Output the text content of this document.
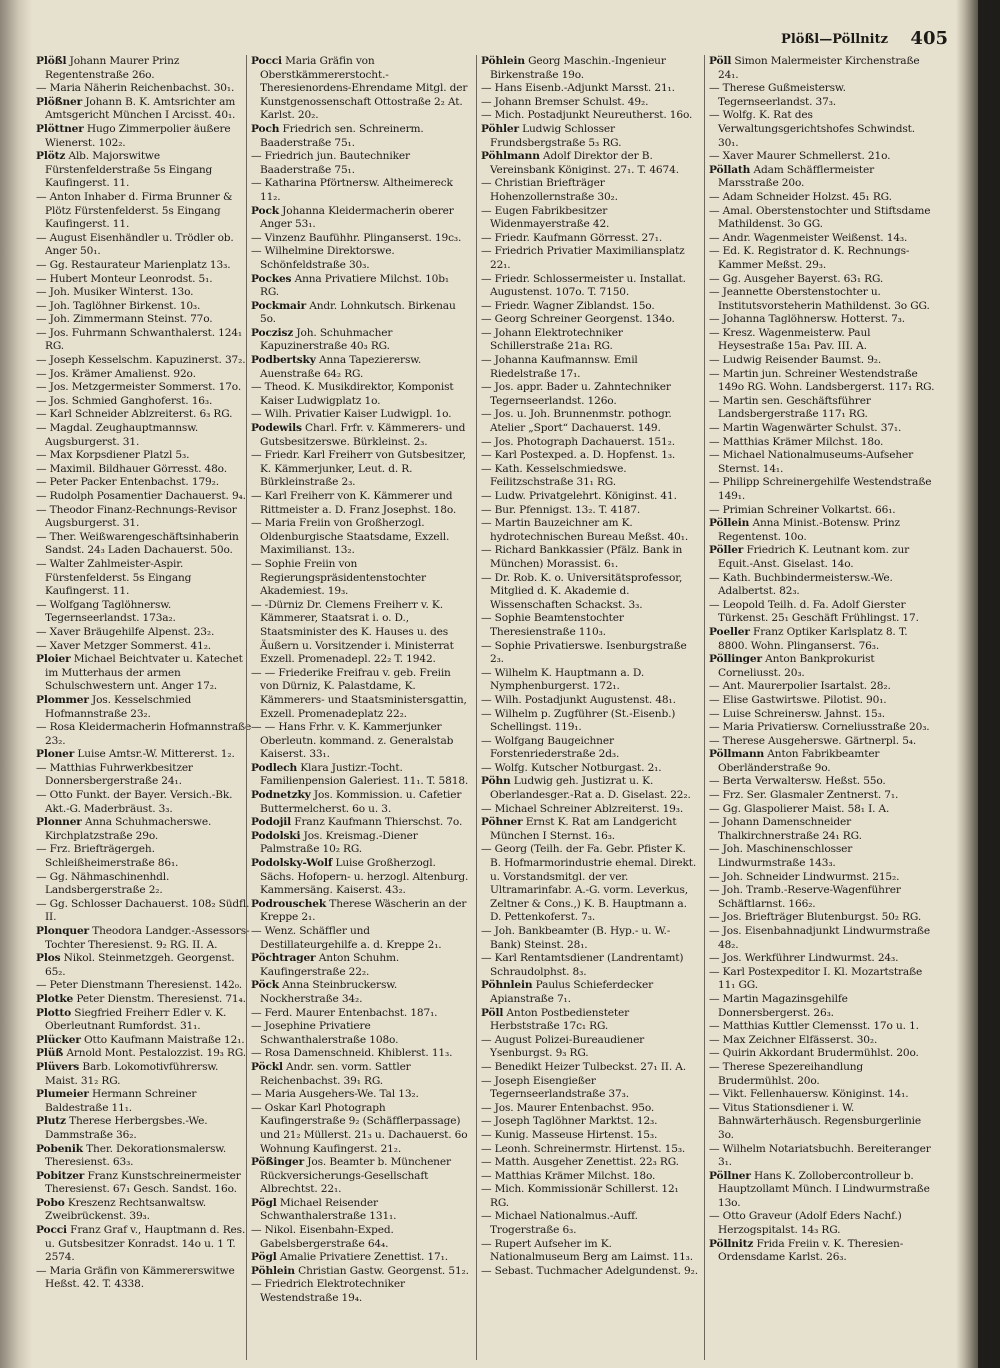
Plößl—Pöllnitz 405

Plößl Johann Maurer Prinz Regentenstraße 26o.

— Maria Näherin Reichenbachst. 30₁.

Plößner Johann B. K. Amtsrichter am Amtsgericht München I Arcisst. 40₁.

Plöttner Hugo Zimmerpolier äußere Wienerst. 102₂.

Plötz Alb. Majorswitwe Fürstenfelderstraße 5s Eingang Kaufingerst. 11.

— Anton Inhaber d. Firma Brunner & Plötz Fürstenfelderst. 5s Eingang Kaufingerst. 11.

— August Eisenhändler u. Trödler ob. Anger 50₁.

— Gg. Restaurateur Marienplatz 13₃.

— Hubert Monteur Leonrodst. 5₁.

— Joh. Musiker Winterst. 13o.

— Joh. Taglöhner Birkenst. 10₃.

— Joh. Zimmermann Steinst. 77o.

— Jos. Fuhrmann Schwanthalerst. 124₁ RG.

— Joseph Kesselschm. Kapuzinerst. 37₂.

— Jos. Krämer Amalienst. 92o.

— Jos. Metzgermeister Sommerst. 17o.

— Jos. Schmied Ganghoferst. 16₃.

— Karl Schneider Ablzreiterst. 6₃ RG.

— Magdal. Zeughauptmannsw. Augsburgerst. 31.

— Max Korpsdiener Platzl 5₃.

— Maximil. Bildhauer Görresst. 48o.

— Peter Packer Entenbachst. 179₂.

— Rudolph Posamentier Dachauerst. 9₄.

— Theodor Finanz-Rechnungs-Revisor Augsburgerst. 31.

— Ther. Weißwarengeschäftsinhaberin Sandst. 24₃ Laden Dachauerst. 50o.

— Walter Zahlmeister-Aspir. Fürstenfelderst. 5s Eingang Kaufingerst. 11.

— Wolfgang Taglöhnersw. Tegernseerlandst. 173a₂.

— Xaver Bräugehilfe Alpenst. 23₂.

— Xaver Metzger Sommerst. 41₂.

Ploier Michael Beichtvater u. Katechet im Mutterhaus der armen Schulschwestern unt. Anger 17₂.

Plommer Jos. Kesselschmied Hofmannstraße 23₂.

— Rosa Kleidermacherin Hofmannstraße 23₂.

Ploner Luise Amtsr.-W. Mittererst. 1₂.

— Matthias Fuhrwerkbesitzer Donnersbergerstraße 24₁.

— Otto Funkt. der Bayer. Versich.-Bk. Akt.-G. Maderbräust. 3₃.

Plonner Anna Schuhmacherswe. Kirchplatzstraße 29o.

— Frz. Briefträgergeh. Schleißheimerstraße 86₁.

— Gg. Nähmaschinenhdl. Landsbergerstraße 2₂.

— Gg. Schlosser Dachauerst. 108₂ Südfl. II.

Plonquer Theodora Landger.-Assessors-Tochter Theresienst. 9₂ RG. II. A.

Plos Nikol. Steinmetzgeh. Georgenst. 65₂.

— Peter Dienstmann Theresienst. 142₀.

Plotke Peter Dienstm. Theresienst. 71₄.

Plotto Siegfried Freiherr Edler v. K. Oberleutnant Rumfordst. 31₁.

Plücker Otto Kaufmann Maistraße 12₁.

Plüß Arnold Mont. Pestalozzist. 19₃ RG.

Plüvers Barb. Lokomotivführersw. Maist. 31₂ RG.

Plumeier Hermann Schreiner Baldestraße 11₁.

Plutz Therese Herbergsbes.-We. Dammstraße 36₂.

Pobenik Ther. Dekorationsmalersw. Theresienst. 63₃.

Pobitzer Franz Kunstschreinermeister Theresienst. 67₁ Gesch. Sandst. 16o.

Pobo Kreszenz Rechtsanwaltsw. Zweibrückenst. 39₃.

Pocci Franz Graf v., Hauptmann d. Res. u. Gutsbesitzer Konradst. 14o u. 1 T. 2574.

— Maria Gräfin von Kämmererswitwe Heßst. 42. T. 4338.

Pocci Maria Gräfin von Oberstkämmererstocht.-Theresienordens-Ehrendame Mitgl. der Kunstgenossenschaft Ottostraße 2₂ At. Karlst. 20₂.

Poch Friedrich sen. Schreinerm. Baaderstraße 75₁.

— Friedrich jun. Bautechniker Baaderstraße 75₁.

— Katharina Pförtnersw. Altheimereck 11₂.

Pock Johanna Kleidermacherin oberer Anger 53₁.

— Vinzenz Baufühhr. Plinganserst. 19c₃.

— Wilhelmine Direktorswe. Schönfeldstraße 30₃.

Pockes Anna Privatiere Milchst. 10b₁ RG.

Pockmair Andr. Lohnkutsch. Birkenau 5o.

Poczisz Joh. Schuhmacher Kapuzinerstraße 40₃ RG.

Podbertsky Anna Tapezierersw. Auenstraße 64₂ RG.

— Theod. K. Musikdirektor, Komponist Kaiser Ludwigplatz 1o.

— Wilh. Privatier Kaiser Ludwigpl. 1o.

Podewils Charl. Frfr. v. Kämmerers- und Gutsbesitzerswe. Bürkleinst. 2₃.

— Friedr. Karl Freiherr von Gutsbesitzer, K. Kämmerjunker, Leut. d. R. Bürkleinstraße 2₃.

— Karl Freiherr von K. Kämmerer und Rittmeister a. D. Franz Josephst. 18o.

— Maria Freiin von Großherzogl. Oldenburgische Staatsdame, Exzell. Maximilianst. 13₂.

— Sophie Freiin von Regierungspräsidentenstochter Akademiest. 19₃.

— -Dürniz Dr. Clemens Freiherr v. K. Kämmerer, Staatsrat i. o. D., Staatsminister des K. Hauses u. des Äußern u. Vorsitzender i. Ministerrat Exzell. Promenadepl. 22₂ T. 1942.

— — Friederike Freifrau v. geb. Freiin von Dürniz, K. Palastdame, K. Kämmerers- und Staatsministersgattin, Exzell. Promenadeplatz 22₂.

— — Hans Frhr. v. K. Kammerjunker Oberleutn. kommand. z. Generalstab Kaiserst. 33₁.

Podlech Klara Justizr.-Tocht. Familienpension Galeriest. 11₁. T. 5818.

Podnetzky Jos. Kommission. u. Cafetier Buttermelcherst. 6o u. 3.

Podojil Franz Kaufmann Thierschst. 7o.

Podolski Jos. Kreismag.-Diener Palmstraße 10₂ RG.

Podolsky-Wolf Luise Großherzogl. Sächs. Hofopern- u. herzogl. Altenburg. Kammersäng. Kaiserst. 43₂.

Podrouschek Therese Wäscherin an der Kreppe 2₁.

— Wenz. Schäffler und Destillateurgehilfe a. d. Kreppe 2₁.

Pöchtrager Anton Schuhm. Kaufingerstraße 22₂.

Pöck Anna Steinbruckersw. Nockherstraße 34₂.

— Ferd. Maurer Entenbachst. 187₁.

— Josephine Privatiere Schwanthalerstraße 108o.

— Rosa Damenschneid. Khiblerst. 11₃.

Pöckl Andr. sen. vorm. Sattler Reichenbachst. 39₁ RG.

— Maria Ausgehers-We. Tal 13₂.

— Oskar Karl Photograph Kaufingerstraße 9₂ (Schäfflerpassage) und 21₂ Müllerst. 21₃ u. Dachauerst. 6o Wohnung Kaufingerst. 21₂.

Pößinger Jos. Beamter b. Münchener Rückversicherungs-Gesellschaft Albrechtst. 22₁.

Pögl Michael Reisender Schwanthalerstraße 131₁.

— Nikol. Eisenbahn-Exped. Gabelsbergerstraße 64₄.

Pögl Amalie Privatiere Zenettist. 17₁.

Pöhlein Christian Gastw. Georgenst. 51₂.

— Friedrich Elektrotechniker Westendstraße 19₄.

Pöhlein Georg Maschin.-Ingenieur Birkenstraße 19o.

— Hans Eisenb.-Adjunkt Marsst. 21₁.

— Johann Bremser Schulst. 49₂.

— Mich. Postadjunkt Neureutherst. 16o.

Pöhler Ludwig Schlosser Frundsbergstraße 5₃ RG.

Pöhlmann Adolf Direktor der B. Vereinsbank Königinst. 27₁. T. 4674.

— Christian Briefträger Hohenzollernstraße 30₂.

— Eugen Fabrikbesitzer Widenmayerstraße 42.

— Friedr. Kaufmann Görresst. 27₁.

— Friedrich Privatier Maximiliansplatz 22₁.

— Friedr. Schlossermeister u. Installat. Augustenst. 107o. T. 7150.

— Friedr. Wagner Ziblandst. 15o.

— Georg Schreiner Georgenst. 134o.

— Johann Elektrotechniker Schillerstraße 21a₁ RG.

— Johanna Kaufmannsw. Emil Riedelstraße 17₁.

— Jos. appr. Bader u. Zahntechniker Tegernseerlandst. 126o.

— Jos. u. Joh. Brunnenmstr. pothogr. Atelier „Sport“ Dachauerst. 149.

— Jos. Photograph Dachauerst. 151₂.

— Karl Postexped. a. D. Hopfenst. 1₃.

— Kath. Kesselschmiedswe. Feilitzschstraße 31₁ RG.

— Ludw. Privatgelehrt. Königinst. 41.

— Bur. Pfennigst. 13₂. T. 4187.

— Martin Bauzeichner am K. hydrotechnischen Bureau Meßst. 40₁.

— Richard Bankkassier (Pfälz. Bank in München) Morassist. 6₁.

— Dr. Rob. K. o. Universitätsprofessor, Mitglied d. K. Akademie d. Wissenschaften Schackst. 3₃.

— Sophie Beamtenstochter Theresienstraße 110₃.

— Sophie Privatierswe. Isenburgstraße 2₃.

— Wilhelm K. Hauptmann a. D. Nymphenburgerst. 172₁.

— Wilh. Postadjunkt Augustenst. 48₁.

— Wilhelm p. Zugführer (St.-Eisenb.) Schellingst. 119₁.

— Wolfgang Baugeichner Forstenriederstraße 2d₃.

— Wolfg. Kutscher Notburgast. 2₁.

Pöhn Ludwig geh. Justizrat u. K. Oberlandesger.-Rat a. D. Giselast. 22₂.

— Michael Schreiner Ablzreiterst. 19₃.

Pöhner Ernst K. Rat am Landgericht München I Sternst. 16₃.

— Georg (Teilh. der Fa. Gebr. Pfister K. B. Hofmarmorindustrie ehemal. Direkt. u. Vorstandsmitgl. der ver. Ultramarinfabr. A.-G. vorm. Leverkus, Zeltner & Cons.,) K. B. Hauptmann a. D. Pettenkoferst. 7₃.

— Joh. Bankbeamter (B. Hyp.- u. W.-Bank) Steinst. 28₁.

— Karl Rentamtsdiener (Landrentamt) Schraudolphst. 8₃.

Pöhnlein Paulus Schieferdecker Apianstraße 7₁.

Pöll Anton Postbediensteter Herbststraße 17c₁ RG.

— August Polizei-Bureaudiener Ysenburgst. 9₃ RG.

— Benedikt Heizer Tulbeckst. 27₁ II. A.

— Joseph Eisengießer Tegernseerlandstraße 37₃.

— Jos. Maurer Entenbachst. 95o.

— Joseph Taglöhner Marktst. 12₃.

— Kunig. Masseuse Hirtenst. 15₃.

— Leonh. Schreinermstr. Hirtenst. 15₃.

— Matth. Ausgeher Zenettist. 22₃ RG.

— Matthias Krämer Milchst. 18o.

— Mich. Kommissionär Schillerst. 12₁ RG.

— Michael Nationalmus.-Auff. Trogerstraße 6₃.

— Rupert Aufseher im K. Nationalmuseum Berg am Laimst. 11₃.

— Sebast. Tuchmacher Adelgundenst. 9₂.

Pöll Simon Malermeister Kirchenstraße 24₁.

— Therese Gußmeistersw. Tegernseerlandst. 37₃.

— Wolfg. K. Rat des Verwaltungsgerichtshofes Schwindst. 30₁.

— Xaver Maurer Schmellerst. 21o.

Pöllath Adam Schäfflermeister Marsstraße 20o.

— Adam Schneider Holzst. 45₁ RG.

— Amal. Oberstenstochter und Stiftsdame Mathildenst. 3o GG.

— Andr. Wagenmeister Weißenst. 14₃.

— Ed. K. Registrator d. K. Rechnungs-Kammer Meßst. 29₃.

— Gg. Ausgeher Bayerst. 63₁ RG.

— Jeannette Oberstenstochter u. Institutsvorsteherin Mathildenst. 3o GG.

— Johanna Taglöhnersw. Hotterst. 7₃.

— Kresz. Wagenmeisterw. Paul Heysestraße 15a₁ Pav. III. A.

— Ludwig Reisender Baumst. 9₂.

— Martin jun. Schreiner Westendstraße 149o RG. Wohn. Landsbergerst. 117₁ RG.

— Martin sen. Geschäftsführer Landsbergerstraße 117₁ RG.

— Martin Wagenwärter Schulst. 37₁.

— Matthias Krämer Milchst. 18o.

— Michael Nationalmuseums-Aufseher Sternst. 14₁.

— Philipp Schreinergehilfe Westendstraße 149₁.

— Primian Schreiner Volkartst. 66₁.

Pöllein Anna Minist.-Botensw. Prinz Regentenst. 10o.

Pöller Friedrich K. Leutnant kom. zur Equit.-Anst. Giselast. 14o.

— Kath. Buchbindermeistersw.-We. Adalbertst. 82₃.

— Leopold Teilh. d. Fa. Adolf Gierster Türkenst. 25₁ Geschäft Frühlingst. 17.

Poeller Franz Optiker Karlsplatz 8. T. 8800. Wohn. Plinganserst. 76₃.

Pöllinger Anton Bankprokurist Corneliusst. 20₃.

— Ant. Maurerpolier Isartalst. 28₂.

— Elise Gastwirtswe. Pilotist. 90₁.

— Luise Schreinersw. Jahnst. 15₃.

— Maria Privatiersw. Corneliusstraße 20₃.

— Therese Ausgeherswe. Gärtnerpl. 5₄.

Pöllmann Anton Fabrikbeamter Oberländerstraße 9o.

— Berta Verwaltersw. Heßst. 55o.

— Frz. Ser. Glasmaler Zentnerst. 7₁.

— Gg. Glaspolierer Maist. 58₁ I. A.

— Johann Damenschneider Thalkirchnerstraße 24₁ RG.

— Joh. Maschinenschlosser Lindwurmstraße 143₃.

— Joh. Schneider Lindwurmst. 215₂.

— Joh. Tramb.-Reserve-Wagenführer Schäftlarnst. 166₂.

— Jos. Briefträger Blutenburgst. 50₂ RG.

— Jos. Eisenbahnadjunkt Lindwurmstraße 48₂.

— Jos. Werkführer Lindwurmst. 24₃.

— Karl Postexpeditor I. Kl. Mozartstraße 11₁ GG.

— Martin Magazinsgehilfe Donnersbergerst. 26₃.

— Matthias Kuttler Clemensst. 17o u. 1.

— Max Zeichner Elfässerst. 30₂.

— Quirin Akkordant Brudermühlst. 20o.

— Therese Spezereihandlung Brudermühlst. 20o.

— Vikt. Fellenhauersw. Königinst. 14₁.

— Vitus Stationsdiener i. W. Bahnwärterhäusch. Regensburgerlinie 3o.

— Wilhelm Notariatsbuchh. Bereiteranger 3₁.

Pöllner Hans K. Zollobercontrolleur b. Hauptzollamt Münch. I Lindwurmstraße 13o.

— Otto Graveur (Adolf Eders Nachf.) Herzogspitalst. 14₃ RG.

Pöllnitz Frida Freiin v. K. Theresien-Ordensdame Karlst. 26₃.
